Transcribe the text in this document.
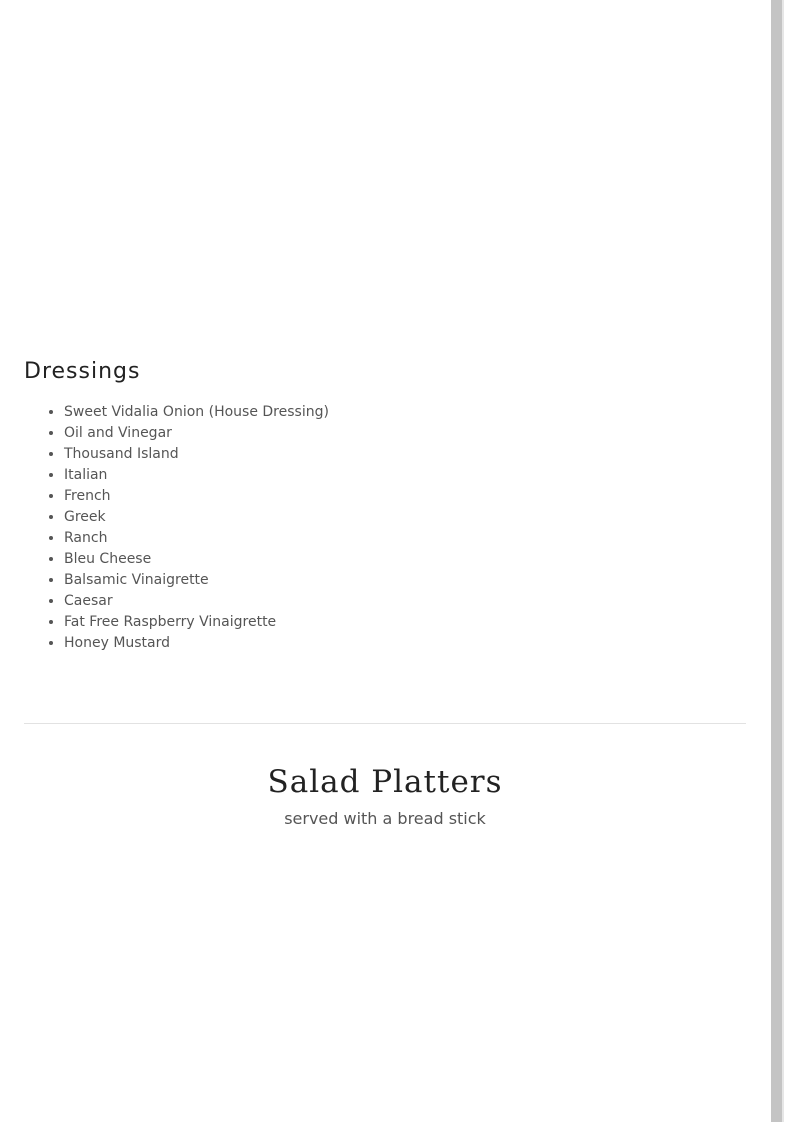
Dressings
• Sweet Vidalia Onion (House Dressing)
• Oil and Vinegar
• Thousand Island
• Italian
• French
• Greek
• Ranch
• Bleu Cheese
• Balsamic Vinaigrette
• Caesar
• Fat Free Raspberry Vinaigrette
• Honey Mustard
Salad Platters

served with a bread stick
